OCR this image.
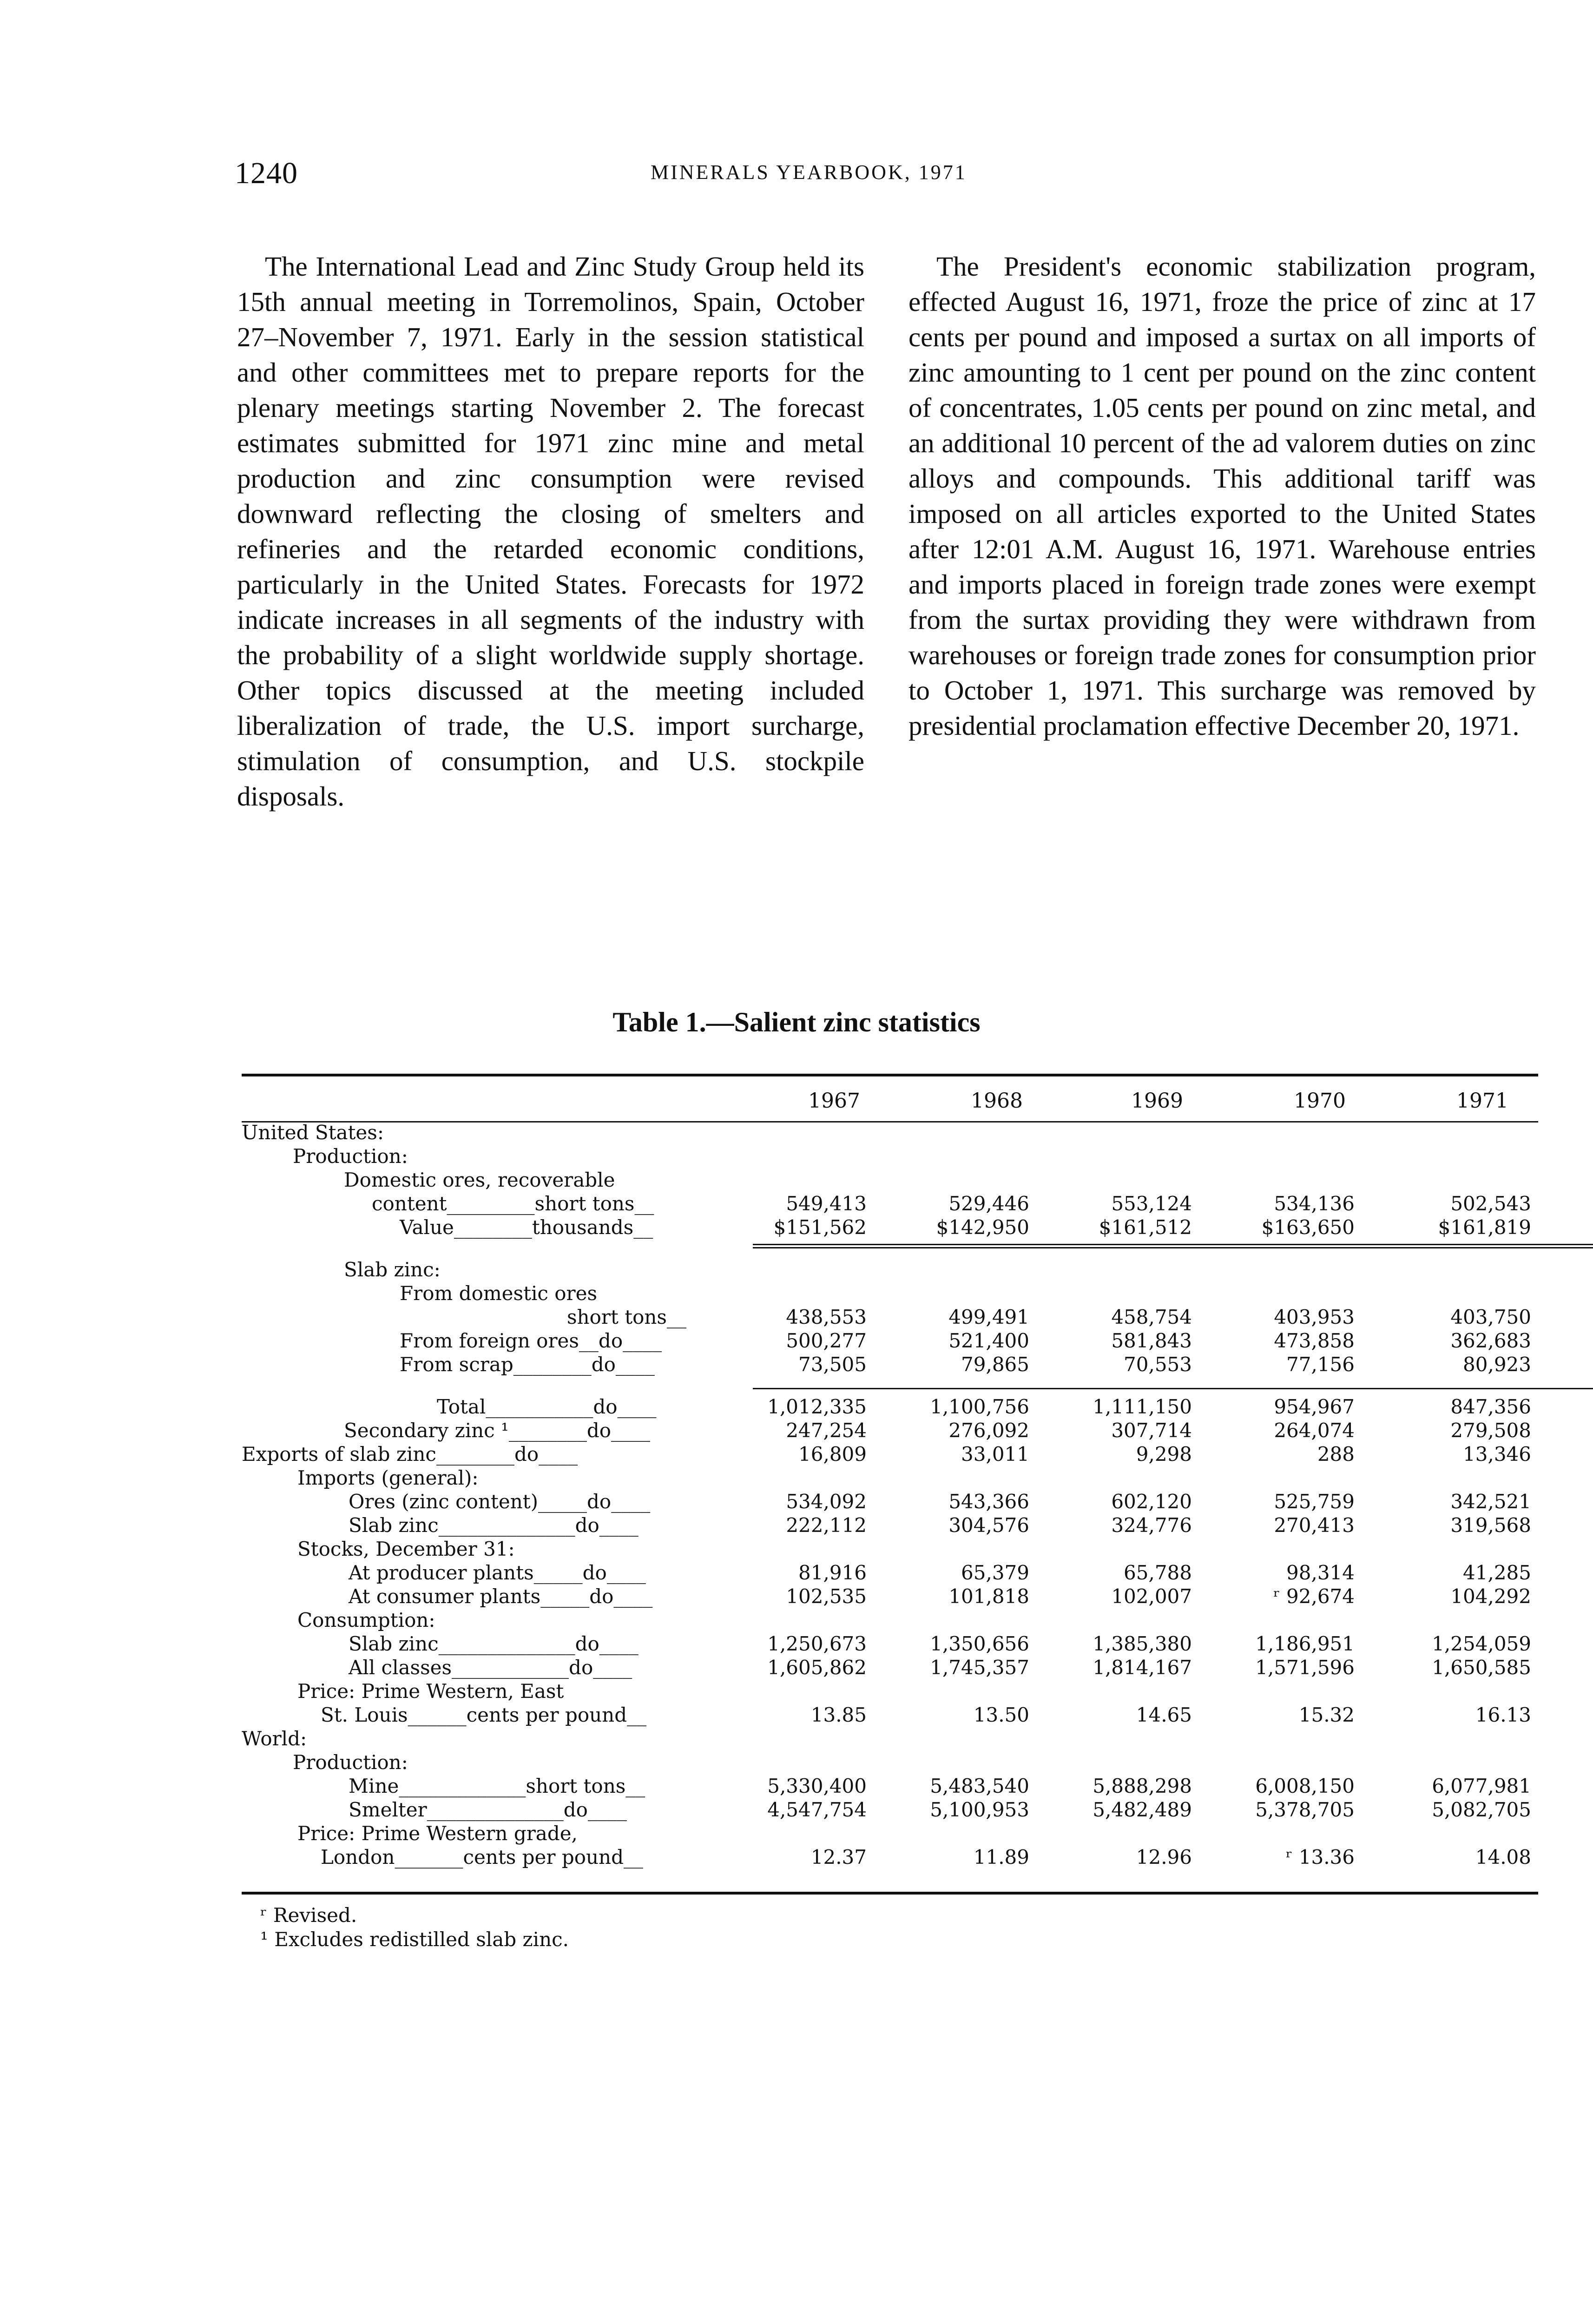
1240	MINERALS YEARBOOK, 1971

The International Lead and Zinc Study Group held its 15th annual meeting in Torremolinos, Spain, October 27–November 7, 1971. Early in the session statistical and other committees met to prepare reports for the plenary meetings starting November 2. The forecast estimates submitted for 1971 zinc mine and metal production and zinc consumption were revised downward reflecting the closing of smelters and refineries and the retarded economic conditions, particularly in the United States. Forecasts for 1972 indicate increases in all segments of the industry with the probability of a slight worldwide supply shortage. Other topics discussed at the meeting included liberalization of trade, the U.S. import surcharge, stimulation of consumption, and U.S. stockpile disposals.

The President's economic stabilization program, effected August 16, 1971, froze the price of zinc at 17 cents per pound and imposed a surtax on all imports of zinc amounting to 1 cent per pound on the zinc content of concentrates, 1.05 cents per pound on zinc metal, and an additional 10 percent of the ad valorem duties on zinc alloys and compounds. This additional tariff was imposed on all articles exported to the United States after 12:01 A.M. August 16, 1971. Warehouse entries and imports placed in foreign trade zones were exempt from the surtax providing they were withdrawn from warehouses or foreign trade zones for consumption prior to October 1, 1971. This surcharge was removed by presidential proclamation effective December 20, 1971.

Table 1.—Salient zinc statistics
1967	1968	1969	1970	1971
United States:
Production:
Domestic ores, recoverable
content_________short tons__	549,413	529,446	553,124	534,136	502,543
Value________thousands__	$151,562	$142,950	$161,512	$163,650	$161,819
Slab zinc:
From domestic ores
short tons__	438,553	499,491	458,754	403,953	403,750
From foreign ores__do____	500,277	521,400	581,843	473,858	362,683
From scrap________do____	73,505	79,865	70,553	77,156	80,923
Total___________do____	1,012,335	1,100,756	1,111,150	954,967	847,356
Secondary zinc ¹________do____	247,254	276,092	307,714	264,074	279,508
Exports of slab zinc________do____	16,809	33,011	9,298	288	13,346
Imports (general):
Ores (zinc content)_____do____	534,092	543,366	602,120	525,759	342,521
Slab zinc______________do____	222,112	304,576	324,776	270,413	319,568
Stocks, December 31:
At producer plants_____do____	81,916	65,379	65,788	98,314	41,285
At consumer plants_____do____	102,535	101,818	102,007	ʳ 92,674	104,292
Consumption:
Slab zinc______________do____	1,250,673	1,350,656	1,385,380	1,186,951	1,254,059
All classes____________do____	1,605,862	1,745,357	1,814,167	1,571,596	1,650,585
Price: Prime Western, East
St. Louis______cents per pound__	13.85	13.50	14.65	15.32	16.13
World:
Production:
Mine_____________short tons__	5,330,400	5,483,540	5,888,298	6,008,150	6,077,981
Smelter______________do____	4,547,754	5,100,953	5,482,489	5,378,705	5,082,705
Price: Prime Western grade,
London_______cents per pound__	12.37	11.89	12.96	ʳ 13.36	14.08
ʳ Revised.
¹ Excludes redistilled slab zinc.
